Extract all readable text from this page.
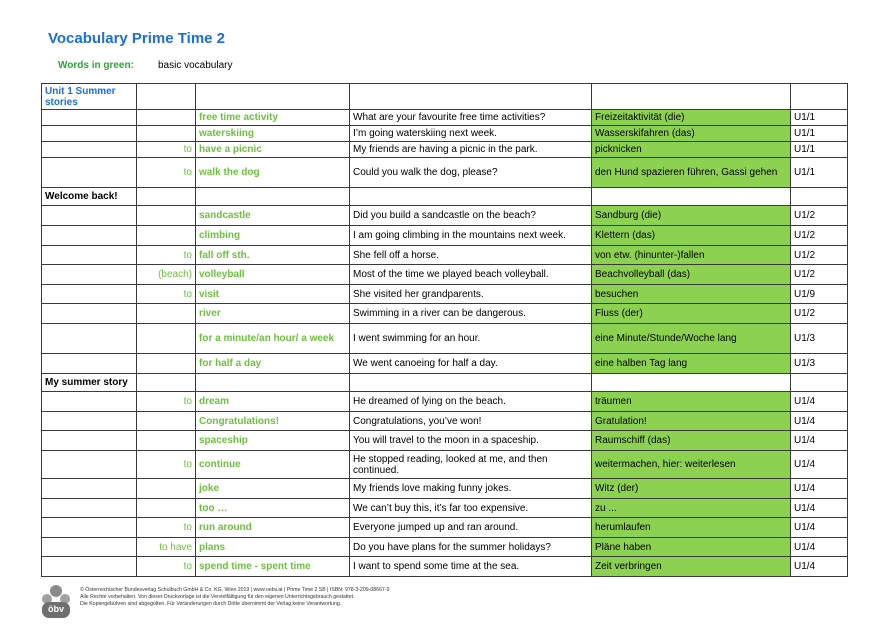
Vocabulary Prime Time 2
Words in green:	basic vocabulary
Unit 1 Summer stories					
		free time activity	What are your favourite free time activities?	Freizeitaktivität (die)	U1/1
		waterskiing	I’m going waterskiing next week.	Wasserskifahren (das)	U1/1
	to	have a picnic	My friends are having a picnic in the park.	picknicken	U1/1
	to	walk the dog	Could you walk the dog, please?	den Hund spazieren führen, Gassi gehen	U1/1
Welcome back!					
		sandcastle	Did you build a sandcastle on the beach?	Sandburg (die)	U1/2
		climbing	I am going climbing in the mountains next week.	Klettern (das)	U1/2
	to	fall off sth.	She fell off a horse.	von etw. (hinunter-)fallen	U1/2
	(beach)	volleyball	Most of the time we played beach volleyball.	Beachvolleyball (das)	U1/2
	to	visit	She visited her grandparents.	besuchen	U1/9
		river	Swimming in a river can be dangerous.	Fluss (der)	U1/2
		for a minute/an hour/ a week	I went swimming for an hour.	eine Minute/Stunde/Woche lang	U1/3
		for half a day	We went canoeing for half a day.	eine halben Tag lang	U1/3
My summer story					
	to	dream	He dreamed of lying on the beach.	träumen	U1/4
		Congratulations!	Congratulations, you’ve won!	Gratulation!	U1/4
		spaceship	You will travel to the moon in a spaceship.	Raumschiff (das)	U1/4
	to	continue	He stopped reading, looked at me, and then continued.	weitermachen, hier: weiterlesen	U1/4
		joke	My friends love making funny jokes.	Witz (der)	U1/4
		too …	We can’t buy this, it’s far too expensive.	zu ...	U1/4
	to	run around	Everyone jumped up and ran around.	herumlaufen	U1/4
	to have	plans	Do you have plans for the summer holidays?	Pläne haben	U1/4
	to	spend time - spent time	I want to spend some time at the sea.	Zeit verbringen	U1/4
öbv
© Österreichischer Bundesverlag Schulbuch GmbH & Co. KG, Wien 2019 | www.oebv.at | Prime Time 2 SB | ISBN: 978-3-209-08667-9
Alle Rechte vorbehalten. Von dieser Druckvorlage ist die Vervielfältigung für den eigenen Unterrichtsgebrauch gestattet.
Die Kopiergebühren sind abgegolten. Für Veränderungen durch Dritte übernimmt der Verlag keine Verantwortung.
